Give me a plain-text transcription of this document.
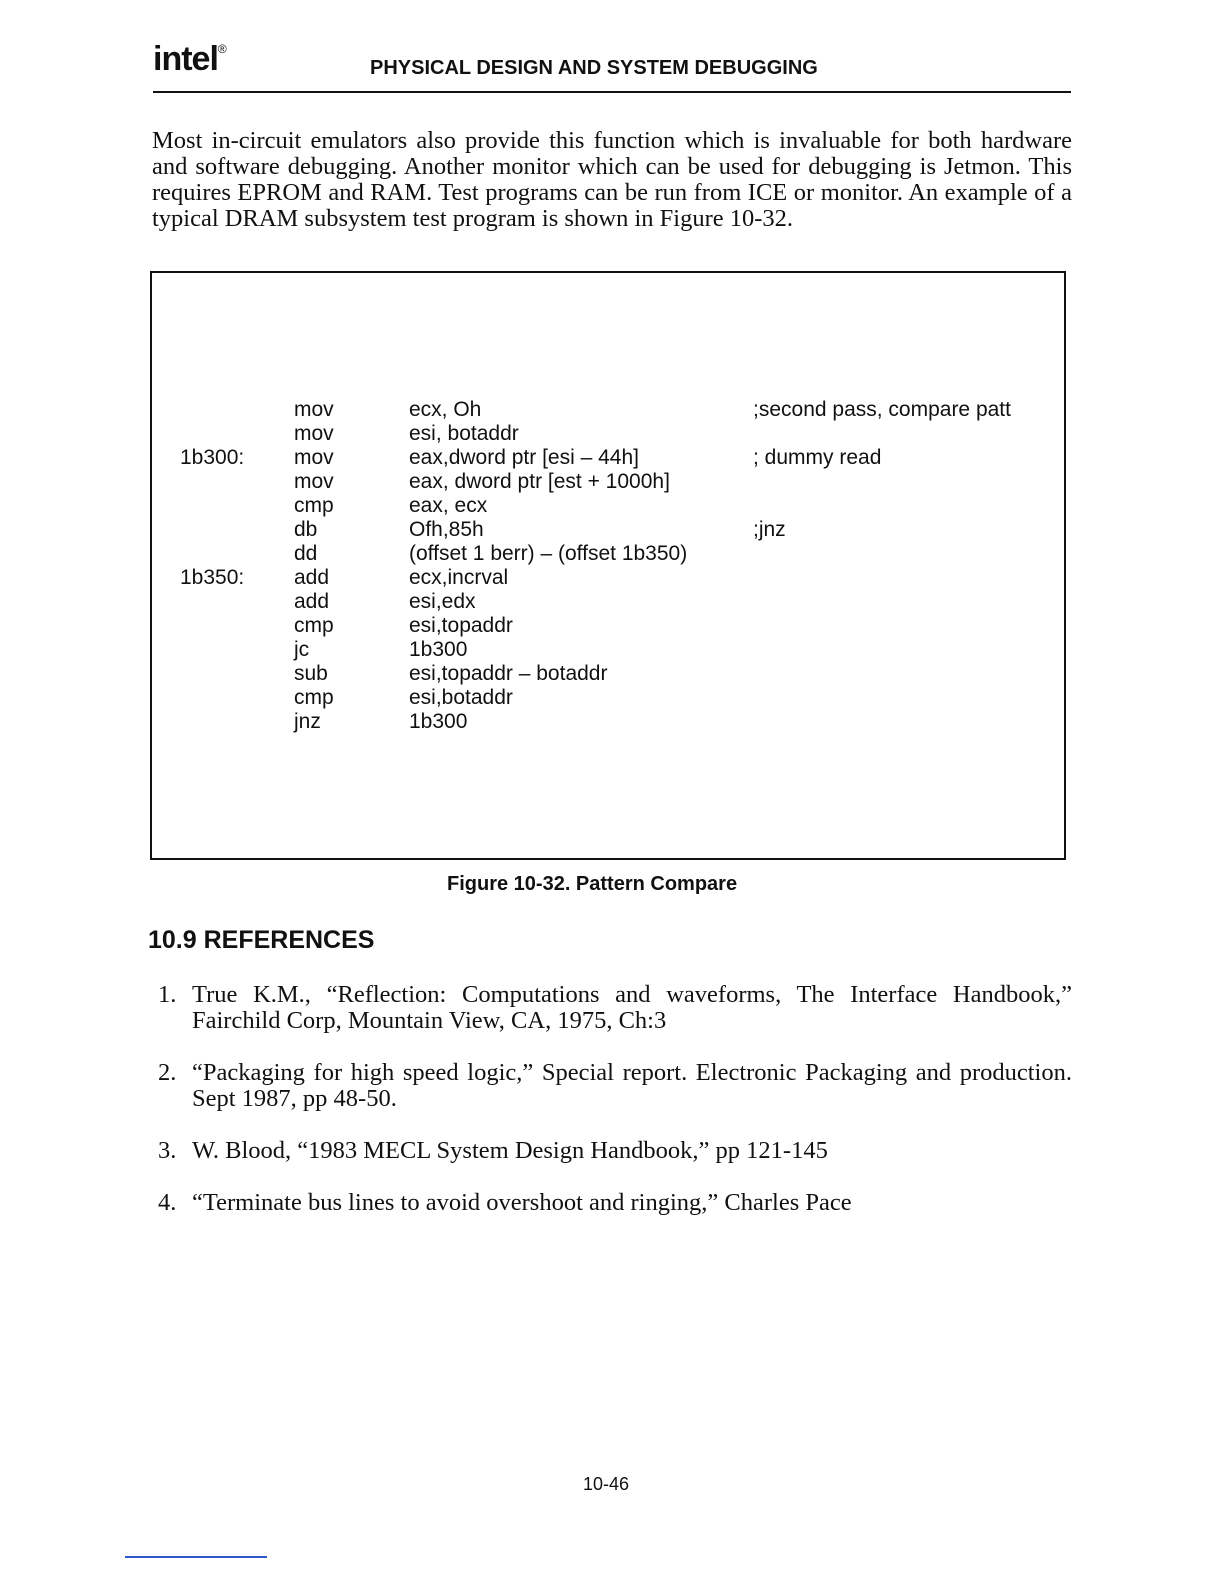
intel®
PHYSICAL DESIGN AND SYSTEM DEBUGGING

Most in-circuit emulators also provide this function which is invaluable for both hardware and software debugging. Another monitor which can be used for debugging is Jetmon. This requires EPROM and RAM. Test programs can be run from ICE or monitor. An example of a typical DRAM subsystem test program is shown in Figure 10-32.

	mov	ecx, Oh	;second pass, compare patt
	mov	esi, botaddr	
1b300:	mov	eax,dword ptr [esi – 44h]	; dummy read
	mov	eax, dword ptr [est + 1000h]	
	cmp	eax, ecx	
	db	Ofh,85h	;jnz
	dd	(offset 1 berr) – (offset 1b350)	
1b350:	add	ecx,incrval	
	add	esi,edx	
	cmp	esi,topaddr	
	jc	1b300	
	sub	esi,topaddr – botaddr	
	cmp	esi,botaddr	
	jnz	1b300	
Figure 10-32. Pattern Compare
10.9 REFERENCES
1. True K.M., “Reflection: Computations and waveforms, The Interface Handbook,” Fairchild Corp, Mountain View, CA, 1975, Ch:3
2. “Packaging for high speed logic,” Special report. Electronic Packaging and production. Sept 1987, pp 48-50.
3. W. Blood, “1983 MECL System Design Handbook,” pp 121-145
4. “Terminate bus lines to avoid overshoot and ringing,” Charles Pace
10-46
